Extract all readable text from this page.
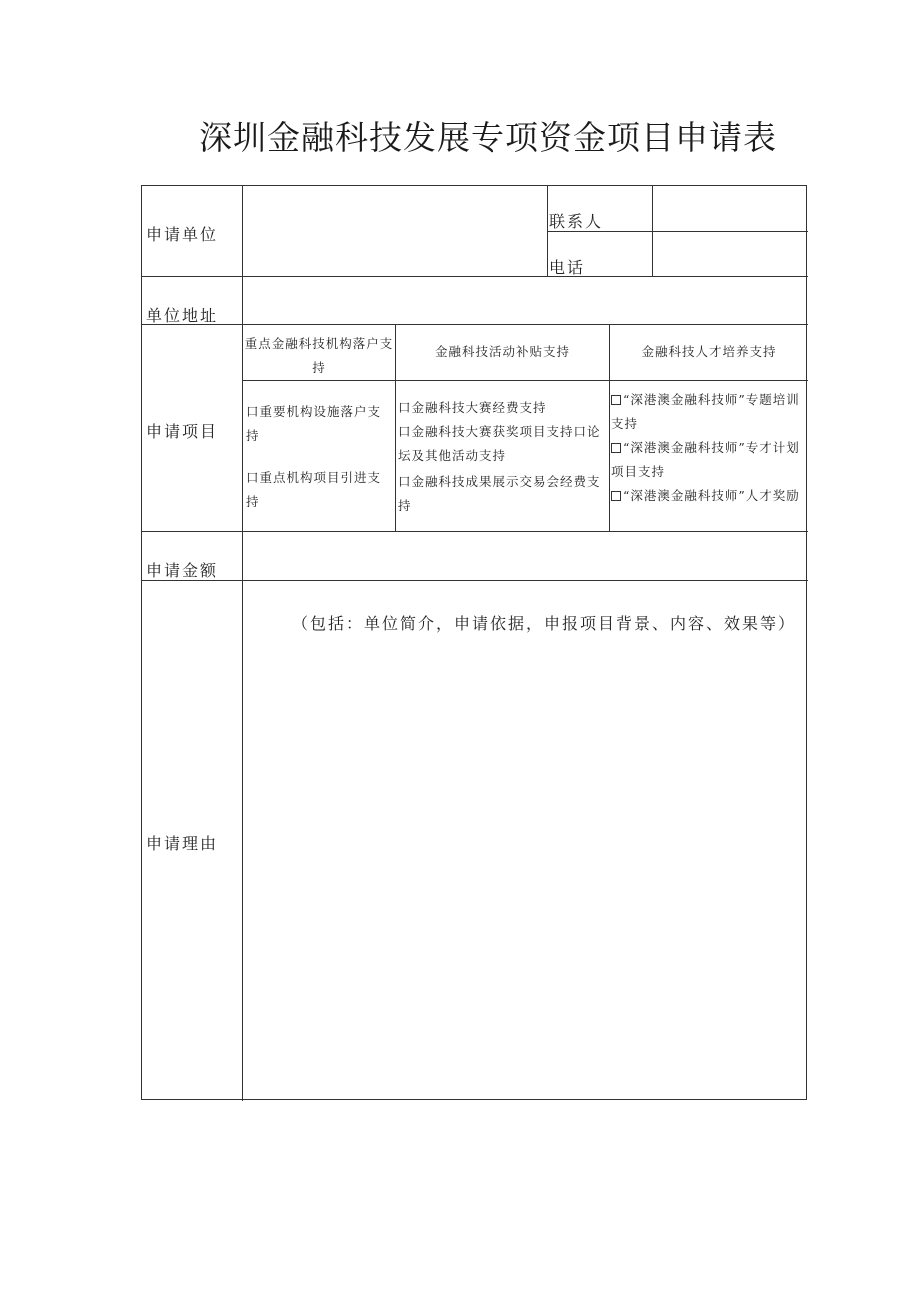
深圳金融科技发展专项资金项目申请表
申请单位
联系人
电话
单位地址
申请项目
重点金融科技机构落户支持
金融科技活动补贴支持	金融科技人才培养支持
口重要机构设施落户支持
口重点机构项目引进支持
口金融科技大赛经费支持
口金融科技大赛获奖项目支持口论坛及其他活动支持
口金融科技成果展示交易会经费支持
“深港澳金融科技师”专题培训支持
“深港澳金融科技师”专才计划项目支持
“深港澳金融科技师”人才奖励
申请金额
申请理由
（包括：单位简介，申请依据，申报项目背景、内容、效果等）
